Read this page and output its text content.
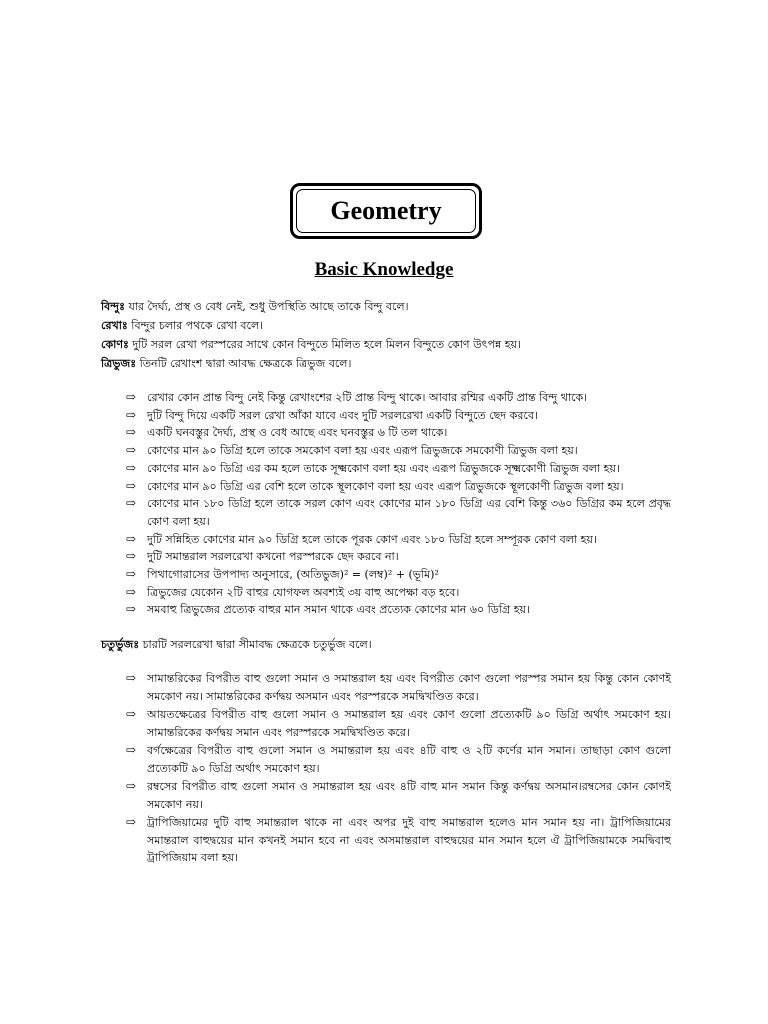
Geometry
Basic Knowledge
বিন্দুঃ যার দৈর্ঘ্য, প্রস্থ ও বেধ নেই, শুধু উপস্থিতি আছে তাকে বিন্দু বলে।
রেখাঃ বিন্দুর চলার পথকে রেখা বলে।
কোণঃ দুটি সরল রেখা পরস্পরের সাথে কোন বিন্দুতে মিলিত হলে মিলন বিন্দুতে কোণ উৎপন্ন হয়।
ত্রিভুজঃ তিনটি রেখাংশ দ্বারা আবদ্ধ ক্ষেত্রকে ত্রিভুজ বলে।
⇨ রেখার কোন প্রান্ত বিন্দু নেই কিন্তু রেখাংশের ২টি প্রান্ত বিন্দু থাকে। আবার রশ্মির একটি প্রান্ত বিন্দু থাকে।
⇨ দুটি বিন্দু দিয়ে একটি সরল রেখা আঁকা যাবে এবং দুটি সরলরেখা একটি বিন্দুতে ছেদ করবে।
⇨ একটি ঘনবস্তুর দৈর্ঘ্য, প্রস্থ ও বেধ আছে এবং ঘনবস্তুর ৬ টি তল থাকে।
⇨ কোণের মান ৯০ ডিগ্রি হলে তাকে সমকোণ বলা হয় এবং এরূপ ত্রিভুজকে সমকোণী ত্রিভুজ বলা হয়।
⇨ কোণের মান ৯০ ডিগ্রি এর কম হলে তাকে সূক্ষ্মকোণ বলা হয় এবং এরূপ ত্রিভুজকে সূক্ষ্মকোণী ত্রিভুজ বলা হয়।
⇨ কোণের মান ৯০ ডিগ্রি এর বেশি হলে তাকে স্থূলকোণ বলা হয় এবং এরূপ ত্রিভুজকে স্থূলকোণী ত্রিভুজ বলা হয়।
⇨ কোণের মান ১৮০ ডিগ্রি হলে তাকে সরল কোণ এবং কোণের মান ১৮০ ডিগ্রি এর বেশি কিন্তু ৩৬০ ডিগ্রির কম হলে প্রবৃদ্ধ কোণ বলা হয়।
⇨ দুটি সন্নিহিত কোণের মান ৯০ ডিগ্রি হলে তাকে পূরক কোণ এবং ১৮০ ডিগ্রি হলে সম্পূরক কোণ বলা হয়।
⇨ দুটি সমান্তরাল সরলরেখা কখনো পরস্পরকে ছেদ করবে না।
⇨ পিথাগোরাসের উপপাদ্য অনুসারে, (অতিভুজ)² = (লম্ব)² + (ভূমি)²
⇨ ত্রিভুজের যেকোন ২টি বাহুর যোগফল অবশ্যই ৩য় বাহু অপেক্ষা বড় হবে।
⇨ সমবাহু ত্রিভুজের প্রত্যেক বাহুর মান সমান থাকে এবং প্রত্যেক কোণের মান ৬০ ডিগ্রি হয়।
চতুর্ভুজঃ চারটি সরলরেখা দ্বারা সীমাবদ্ধ ক্ষেত্রকে চতুর্ভুজ বলে।
⇨ সামান্তরিকের বিপরীত বাহু গুলো সমান ও সমান্তরাল হয় এবং বিপরীত কোণ গুলো পরস্পর সমান হয় কিন্তু কোন কোণই সমকোণ নয়। সামান্তরিকের কর্ণদ্বয় অসমান এবং পরস্পরকে সমদ্বিখণ্ডিত করে।
⇨ আয়তক্ষেত্রের বিপরীত বাহু গুলো সমান ও সমান্তরাল হয় এবং কোণ গুলো প্রত্যেকটি ৯০ ডিগ্রি অর্থাৎ সমকোণ হয়।সামান্তরিকের কর্ণদ্বয় সমান এবং পরস্পরকে সমদ্বিখণ্ডিত করে।
⇨ বর্গক্ষেত্রের বিপরীত বাহু গুলো সমান ও সমান্তরাল হয় এবং ৪টি বাহু ও ২টি কর্ণের মান সমান। তাছাড়া কোণ গুলো প্রত্যেকটি ৯০ ডিগ্রি অর্থাৎ সমকোণ হয়।
⇨ রম্বসের বিপরীত বাহু গুলো সমান ও সমান্তরাল হয় এবং ৪টি বাহু মান সমান কিন্তু কর্ণদ্বয় অসমান।রম্বসের কোন কোণই সমকোণ নয়।
⇨ ট্রাপিজিয়ামের দুটি বাহু সমান্তরাল থাকে না এবং অপর দুই বাহু সমান্তরাল হলেও মান সমান হয় না। ট্রাপিজিয়ামের সমান্তরাল বাহুদ্বয়ের মান কখনই সমান হবে না এবং অসমান্তরাল বাহুদ্বয়ের মান সমান হলে ঐ ট্রাপিজিয়ামকে সমদ্বিবাহু ট্রাপিজিয়াম বলা হয়।
